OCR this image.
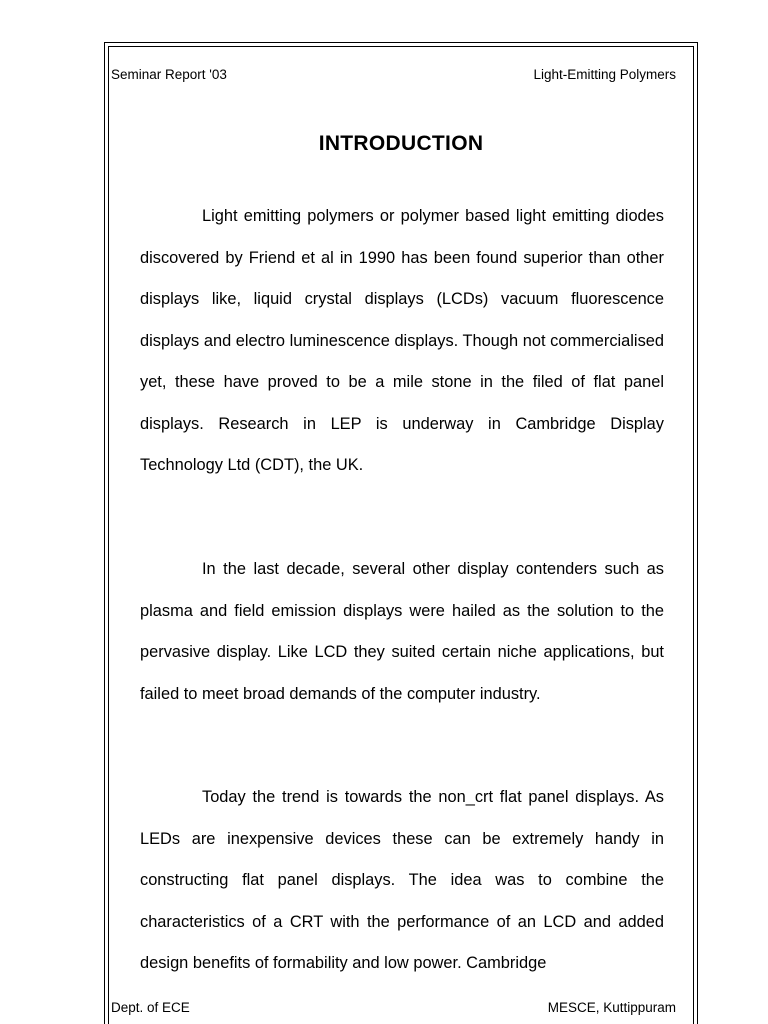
Seminar Report '03	Light-Emitting Polymers
INTRODUCTION

Light emitting polymers or polymer based light emitting diodes discovered by Friend et al in 1990 has been found superior than other displays like, liquid crystal displays (LCDs) vacuum fluorescence displays and electro luminescence displays. Though not commercialised yet, these have proved to be a mile stone in the filed of flat panel displays. Research in LEP is underway in Cambridge Display Technology Ltd (CDT), the UK.

In the last decade, several other display contenders such as plasma and field emission displays were hailed as the solution to the pervasive display. Like LCD they suited certain niche applications, but failed to meet broad demands of the computer industry.

Today the trend is towards the non_crt flat panel displays. As LEDs are inexpensive devices these can be extremely handy in constructing flat panel displays. The idea was to combine the characteristics of a CRT with the performance of an LCD and added design benefits of formability and low power. Cambridge

Dept. of ECE	MESCE, Kuttippuram
